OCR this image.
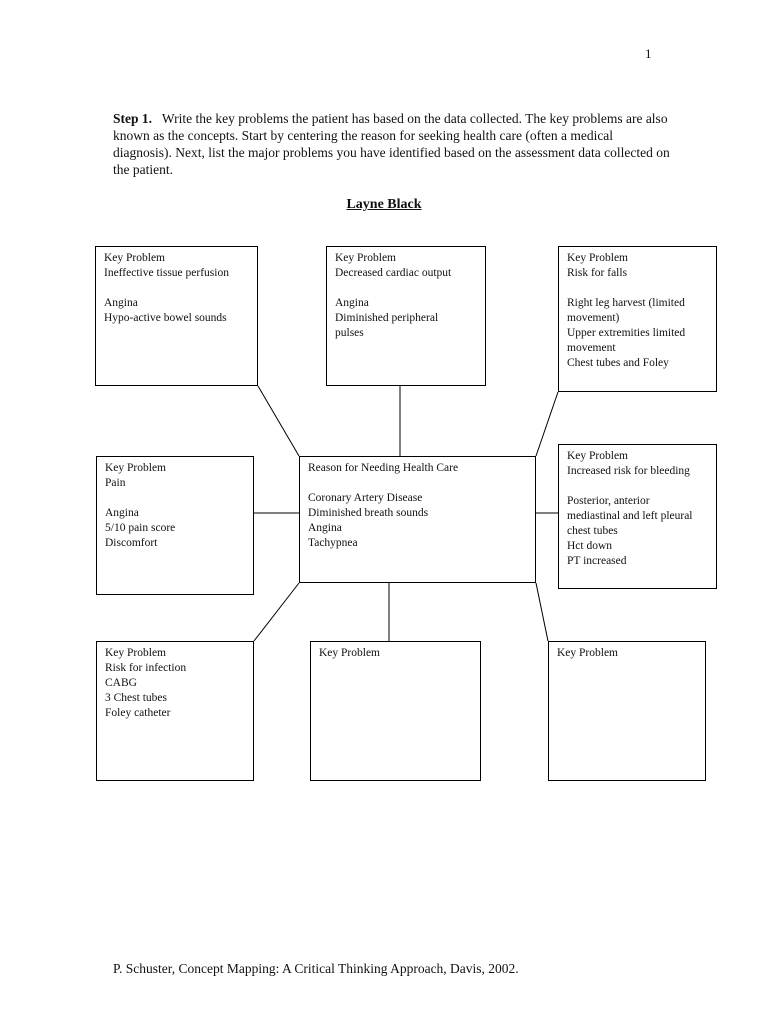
1
Step 1. Write the key problems the patient has based on the data collected. The key problems are also known as the concepts. Start by centering the reason for seeking health care (often a medical diagnosis). Next, list the major problems you have identified based on the assessment data collected on the patient.
Layne Black
Key Problem
Ineffective tissue perfusion
Angina
Hypo-active bowel sounds
Key Problem
Decreased cardiac output
Angina
Diminished peripheral
pulses
Key Problem
Risk for falls
Right leg harvest (limited
movement)
Upper extremities limited
movement
Chest tubes and Foley
Key Problem
Pain
Angina
5/10 pain score
Discomfort
Reason for Needing Health Care
Coronary Artery Disease
Diminished breath sounds
Angina
Tachypnea
Key Problem
Increased risk for bleeding
Posterior, anterior
mediastinal and left pleural
chest tubes
Hct down
PT increased
Key Problem
Risk for infection
CABG
3 Chest tubes
Foley catheter
Key Problem	Key Problem
P. Schuster, Concept Mapping: A Critical Thinking Approach, Davis, 2002.
